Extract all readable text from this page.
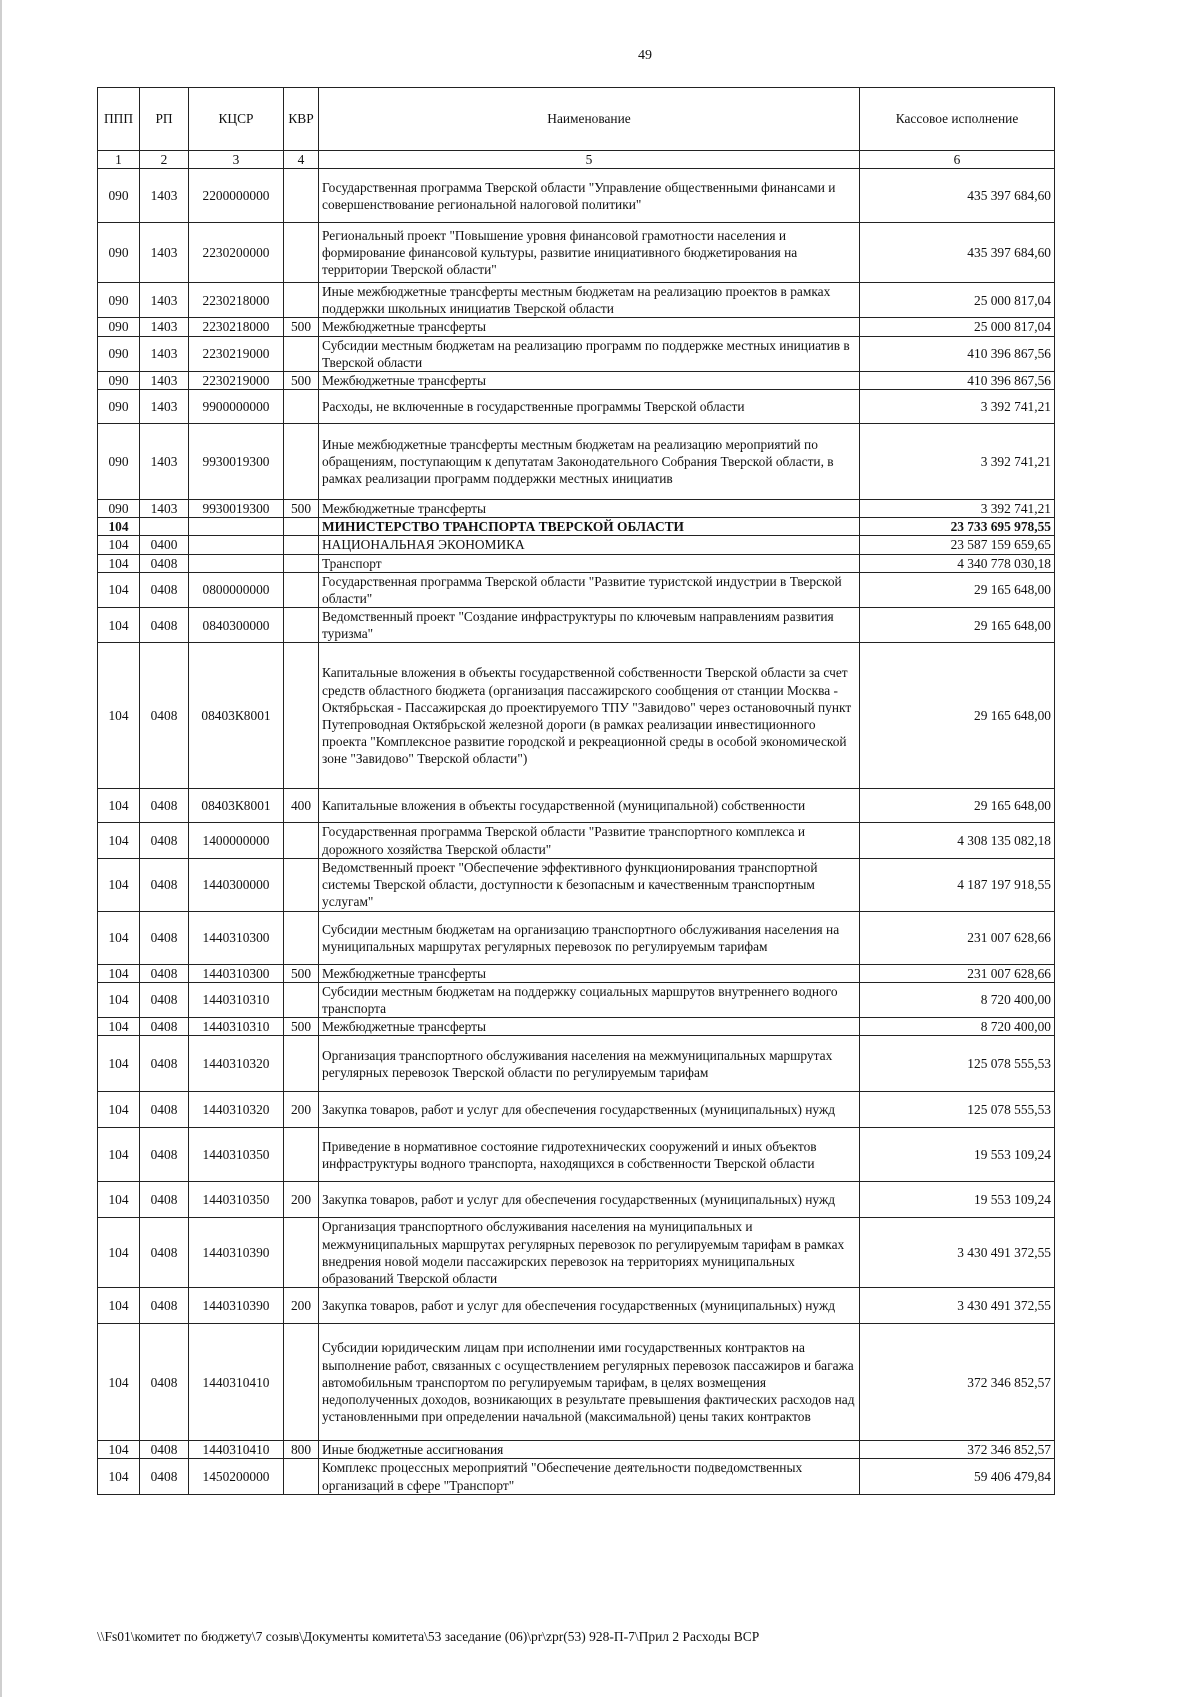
49
ППП	РП	КЦСР	КВР	Наименование	Кассовое исполнение
1	2	3	4	5	6
090	1403	2200000000		Государственная программа Тверской области "Управление общественными финансами и совершенствование региональной налоговой политики"	435 397 684,60
090	1403	2230200000		Региональный проект "Повышение уровня финансовой грамотности населения и формирование финансовой культуры, развитие инициативного бюджетирования на территории Тверской области"	435 397 684,60
090	1403	2230218000		Иные межбюджетные трансферты местным бюджетам на реализацию проектов в рамках поддержки школьных инициатив Тверской области	25 000 817,04
090	1403	2230218000	500	Межбюджетные трансферты	25 000 817,04
090	1403	2230219000		Субсидии местным бюджетам на реализацию программ по поддержке местных инициатив в Тверской области	410 396 867,56
090	1403	2230219000	500	Межбюджетные трансферты	410 396 867,56
090	1403	9900000000		Расходы, не включенные в государственные программы Тверской области	3 392 741,21
090	1403	9930019300		Иные межбюджетные трансферты местным бюджетам на реализацию мероприятий по обращениям, поступающим к депутатам Законодательного Собрания Тверской области, в рамках реализации программ поддержки местных инициатив	3 392 741,21
090	1403	9930019300	500	Межбюджетные трансферты	3 392 741,21
104				МИНИСТЕРСТВО ТРАНСПОРТА ТВЕРСКОЙ ОБЛАСТИ	23 733 695 978,55
104	0400			НАЦИОНАЛЬНАЯ ЭКОНОМИКА	23 587 159 659,65
104	0408			Транспорт	4 340 778 030,18
104	0408	0800000000		Государственная программа Тверской области "Развитие туристской индустрии в Тверской области"	29 165 648,00
104	0408	0840300000		Ведомственный проект "Создание инфраструктуры по ключевым направлениям развития туризма"	29 165 648,00
104	0408	08403К8001		Капитальные вложения в объекты государственной собственности Тверской области за счет средств областного бюджета (организация пассажирского сообщения от станции Москва - Октябрьская - Пассажирская до проектируемого ТПУ "Завидово" через остановочный пункт Путепроводная Октябрьской железной дороги (в рамках реализации инвестиционного проекта "Комплексное развитие городской и рекреационной среды в особой экономической зоне "Завидово" Тверской области")	29 165 648,00
104	0408	08403К8001	400	Капитальные вложения в объекты государственной (муниципальной) собственности	29 165 648,00
104	0408	1400000000		Государственная программа Тверской области "Развитие транспортного комплекса и дорожного хозяйства Тверской области"	4 308 135 082,18
104	0408	1440300000		Ведомственный проект "Обеспечение эффективного функционирования транспортной системы Тверской области, доступности к безопасным и качественным транспортным услугам"	4 187 197 918,55
104	0408	1440310300		Субсидии местным бюджетам на организацию транспортного обслуживания населения на муниципальных маршрутах регулярных перевозок по регулируемым тарифам	231 007 628,66
104	0408	1440310300	500	Межбюджетные трансферты	231 007 628,66
104	0408	1440310310		Субсидии местным бюджетам на поддержку социальных маршрутов внутреннего водного транспорта	8 720 400,00
104	0408	1440310310	500	Межбюджетные трансферты	8 720 400,00
104	0408	1440310320		Организация транспортного обслуживания населения на межмуниципальных маршрутах регулярных перевозок Тверской области по регулируемым тарифам	125 078 555,53
104	0408	1440310320	200	Закупка товаров, работ и услуг для обеспечения государственных (муниципальных) нужд	125 078 555,53
104	0408	1440310350		Приведение в нормативное состояние гидротехнических сооружений и иных объектов инфраструктуры водного транспорта, находящихся в собственности Тверской области	19 553 109,24
104	0408	1440310350	200	Закупка товаров, работ и услуг для обеспечения государственных (муниципальных) нужд	19 553 109,24
104	0408	1440310390		Организация транспортного обслуживания населения на муниципальных и межмуниципальных маршрутах регулярных перевозок по регулируемым тарифам в рамках внедрения новой модели пассажирских перевозок на территориях муниципальных образований Тверской области	3 430 491 372,55
104	0408	1440310390	200	Закупка товаров, работ и услуг для обеспечения государственных (муниципальных) нужд	3 430 491 372,55
104	0408	1440310410		Субсидии юридическим лицам при исполнении ими государственных контрактов на выполнение работ, связанных с осуществлением регулярных перевозок пассажиров и багажа автомобильным транспортом по регулируемым тарифам, в целях возмещения недополученных доходов, возникающих в результате превышения фактических расходов над установленными при определении начальной (максимальной) цены таких контрактов	372 346 852,57
104	0408	1440310410	800	Иные бюджетные ассигнования	372 346 852,57
104	0408	1450200000		Комплекс процессных мероприятий "Обеспечение деятельности подведомственных организаций в сфере "Транспорт"	59 406 479,84
\\Fs01\комитет по бюджету\7 созыв\Документы комитета\53 заседание (06)\pr\zpr(53) 928-П-7\Прил 2 Расходы ВСР
